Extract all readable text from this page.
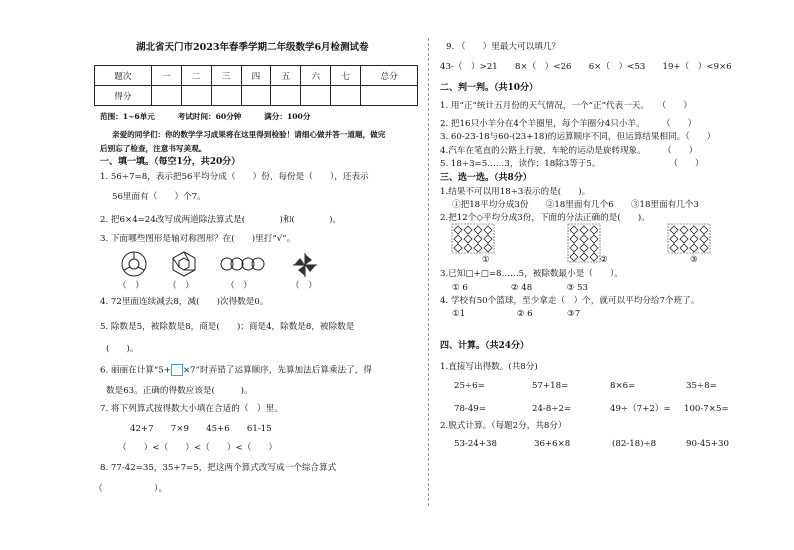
湖北省天门市2023年春季学期二年级数学6月检测试卷
题次	一	二	三	四	五	六	七	总分
得分								
范围：1~6单元　　　考试时间：60分钟　　　满分：100分
亲爱的同学们：你的数学学习成果将在这里得到检验！请细心做并答一道题，做完
后别忘了检查，注意书写美观。
一、填一填。（每空1分，共20分）
1. 56÷7=8，表示把56平均分成（　　）份，每份是（　　），还表示
56里面有（　　）个7。
2. 把6×4=24改写成两道除法算式是(　　　　)和(　　　　)。
3. 下面哪些图形是轴对称图形？在(　　)里打“√”。
（　）	（　）	（　）	（　）
4. 72里面连续减去8，减(　　)次得数是0。
5. 除数是5，被除数是8，商是(　　)；商是4，除数是8，被除数是
(　　)。
6. 丽丽在计算“5+ ×7”时弄错了运算顺序，先算加法后算乘法了，得
数是63。正确的得数应该是(　　　)。
7. 将下列算式按得数大小填在合适的（　）里。
42+7　　7×9　　45+6　　61-15
（　　）<（　　）<（　　）<（　　）
8. 77-42=35，35+7=5，把这两个算式改写成一个综合算式
（　　　　　　）。
9. （　　）里最大可以填几？
43-（　）>21　　8×（　）<26　　6×（　）<53　　19+（　）<9×6
二、判一判。（共10分）
1. 用“正”统计五月份的天气情况，一个“正”代表一天。　　（　　）
2. 把16只小羊分在4个羊圈里，每个羊圈分4只小羊。　　　（　　）
3. 60-23-18与60-(23+18)的运算顺序不同，但运算结果相同。（　　）
4.汽车在笔直的公路上行驶，车轮的运动是旋转现象。　　　（　　）
5. 18÷3=5……3，读作：18除3等于5。　　　　　　　　　（　　）
三、选一选。（共8分）
1.结果不可以用18÷3表示的是(　　)。
①把18平均分成3份　　②18里面有几个6　　③18里面有几个3
2.把12个◇平均分成3份，下面的分法正确的是(　　)。
①	②	③
3.已知□+□=8……5，被除数最小是（　　）。
① 6　　　　　② 48　　　　③ 53
4. 学校有50个篮球，至少拿走（　）个，就可以平均分给7个班了。
①1　　　　　　② 6　　　　③7
四、计算。（共24分）
1.直接写出得数。(共8分)
25÷6=	57+18=	8×6=	35÷8=
78-49=	24-8÷2=	49÷（7+2）= 100-7×5=
2.脱式计算。（每题2分，共8分）
53-24+38	36+6×8	(82-18)÷8	90-45+30
